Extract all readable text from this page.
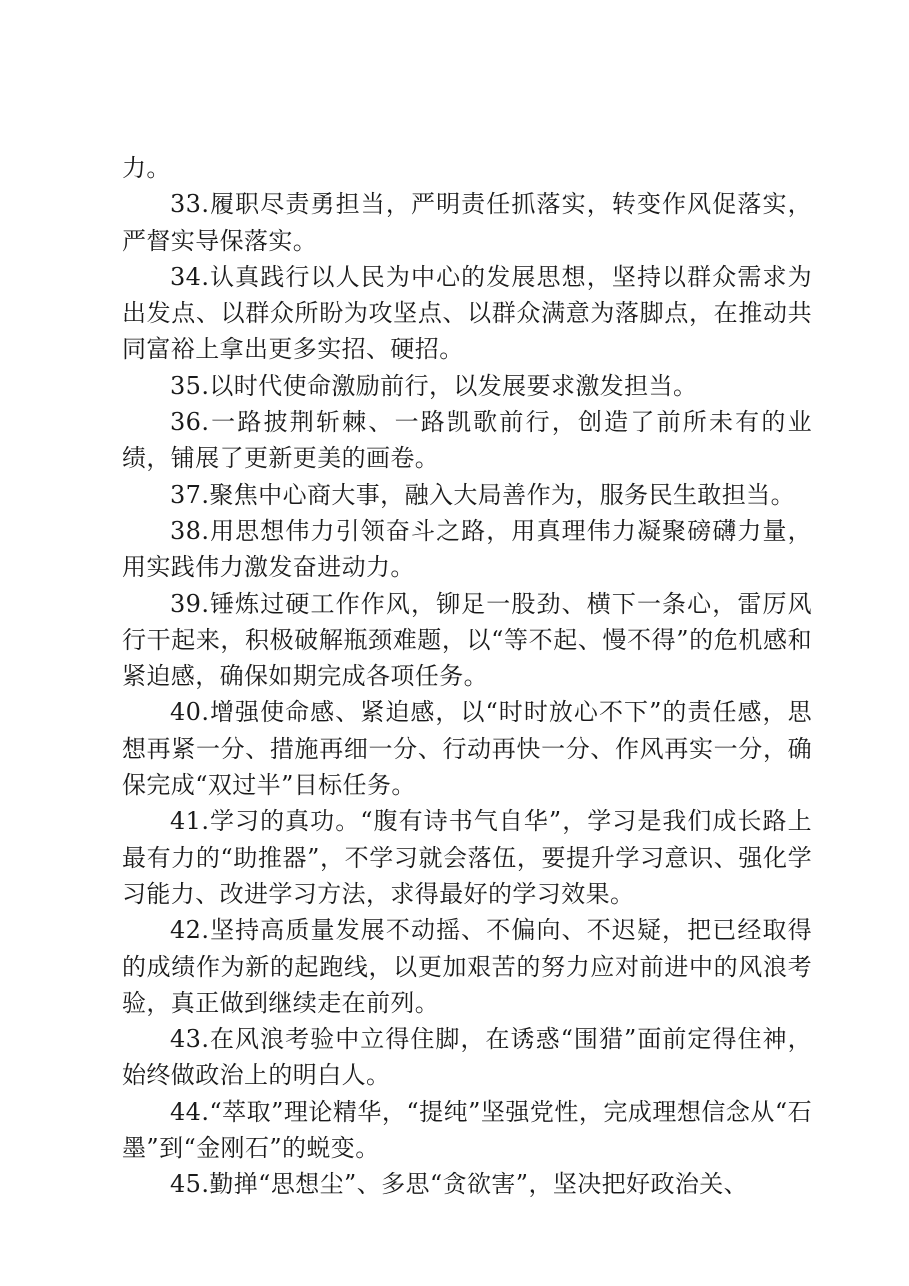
力。

33.履职尽责勇担当，严明责任抓落实，转变作风促落实，严督实导保落实。

34.认真践行以人民为中心的发展思想，坚持以群众需求为出发点、以群众所盼为攻坚点、以群众满意为落脚点，在推动共同富裕上拿出更多实招、硬招。

35.以时代使命激励前行，以发展要求激发担当。

36.一路披荆斩棘、一路凯歌前行，创造了前所未有的业绩，铺展了更新更美的画卷。

37.聚焦中心商大事，融入大局善作为，服务民生敢担当。

38.用思想伟力引领奋斗之路，用真理伟力凝聚磅礴力量，用实践伟力激发奋进动力。

39.锤炼过硬工作作风，铆足一股劲、横下一条心，雷厉风行干起来，积极破解瓶颈难题，以“等不起、慢不得”的危机感和紧迫感，确保如期完成各项任务。

40.增强使命感、紧迫感，以“时时放心不下”的责任感，思想再紧一分、措施再细一分、行动再快一分、作风再实一分，确保完成“双过半”目标任务。

41.学习的真功。“腹有诗书气自华”，学习是我们成长路上最有力的“助推器”，不学习就会落伍，要提升学习意识、强化学习能力、改进学习方法，求得最好的学习效果。

42.坚持高质量发展不动摇、不偏向、不迟疑，把已经取得的成绩作为新的起跑线，以更加艰苦的努力应对前进中的风浪考验，真正做到继续走在前列。

43.在风浪考验中立得住脚，在诱惑“围猎”面前定得住神，始终做政治上的明白人。

44.“萃取”理论精华，“提纯”坚强党性，完成理想信念从“石墨”到“金刚石”的蜕变。

45.勤掸“思想尘”、多思“贪欲害”，坚决把好政治关、
